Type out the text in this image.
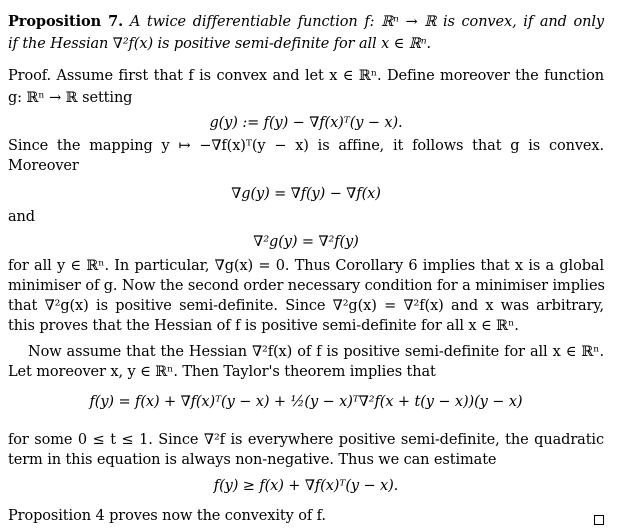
Proposition 7. A twice differentiable function f: ℝⁿ → ℝ is convex, if and only
if the Hessian ∇²f(x) is positive semi-definite for all x ∈ ℝⁿ.
Proof. Assume first that f is convex and let x ∈ ℝⁿ. Define moreover the function
g: ℝⁿ → ℝ setting
g(y) := f(y) − ∇f(x)ᵀ(y − x).
Since the mapping y ↦ −∇f(x)ᵀ(y − x) is affine, it follows that g is convex.
Moreover
∇g(y) = ∇f(y) − ∇f(x)
and
∇²g(y) = ∇²f(y)
for all y ∈ ℝⁿ. In particular, ∇g(x) = 0. Thus Corollary 6 implies that x is a global
minimiser of g. Now the second order necessary condition for a minimiser implies
that ∇²g(x) is positive semi-definite. Since ∇²g(x) = ∇²f(x) and x was arbitrary,
this proves that the Hessian of f is positive semi-definite for all x ∈ ℝⁿ.
Now assume that the Hessian ∇²f(x) of f is positive semi-definite for all x ∈ ℝⁿ.
Let moreover x, y ∈ ℝⁿ. Then Taylor's theorem implies that
f(y) = f(x) + ∇f(x)ᵀ(y − x) + ½(y − x)ᵀ∇²f(x + t(y − x))(y − x)
for some 0 ≤ t ≤ 1. Since ∇²f is everywhere positive semi-definite, the quadratic
term in this equation is always non-negative. Thus we can estimate
f(y) ≥ f(x) + ∇f(x)ᵀ(y − x).
Proposition 4 proves now the convexity of f.
